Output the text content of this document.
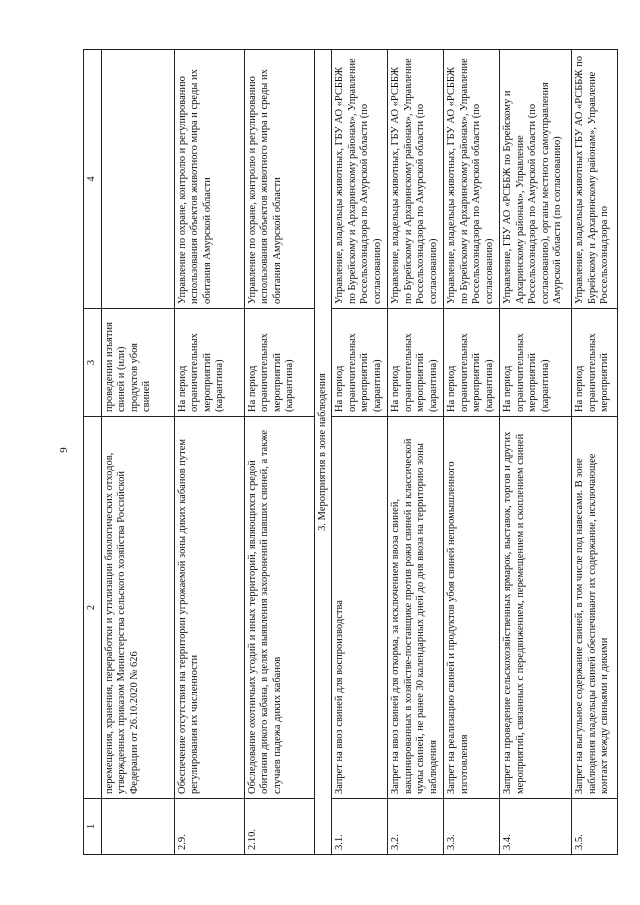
9
1	2	3	4
	перемещения, хранения, переработки и утилизации биологических отходов, утвержденных приказом Министерства сельского хозяйства Российской Федерации от 26.10.2020 № 626	проведении изъятия свиней и (или) продуктов убоя свиней	
2.9.	Обеспечение отсутствия на территории угрожаемой зоны диких кабанов путем регулирования их численности	На период ограничительных мероприятий (карантина)	Управление по охране, контролю и регулированию использования объектов животного мира и среды их обитания Амурской области
2.10.	Обследование охотничьих угодий и иных территорий, являющихся средой обитания дикого кабана, в целях выявления захоронений павших свиней, а также случаев падежа диких кабанов	На период ограничительных мероприятий (карантина)	Управление по охране, контролю и регулированию использования объектов животного мира и среды их обитания Амурской области
3. Мероприятия в зоне наблюдения			
3.1.	Запрет на ввоз свиней для воспроизводства	На период ограничительных мероприятий (карантина)	Управление, владельцы животных, ГБУ АО «РСББЖ по Бурейскому и Архаринскому районам», Управление Россельхознадзора по Амурской области (по согласованию)
3.2.	Запрет на ввоз свиней для откорма, за исключением ввоза свиней, вакцинированных в хозяйстве-поставщике против рожи свиней и классической чумы свиней, не ранее 30 календарных дней до дня ввоза на территорию зоны наблюдения	На период ограничительных мероприятий (карантина)	Управление, владельцы животных, ГБУ АО «РСББЖ по Бурейскому и Архаринскому районам», Управление Россельхознадзора по Амурской области (по согласованию)
3.3.	Запрет на реализацию свиней и продуктов убоя свиней непромышленного изготовления	На период ограничительных мероприятий (карантина)	Управление, владельцы животных, ГБУ АО «РСББЖ по Бурейскому и Архаринскому районам», Управление Россельхознадзора по Амурской области (по согласованию)
3.4.	Запрет на проведение сельскохозяйственных ярмарок, выставок, торгов и других мероприятий, связанных с передвижением, перемещением и скоплением свиней	На период ограничительных мероприятий (карантина)	Управление, ГБУ АО «РСББЖ по Бурейскому и Архаринскому районам», Управление Россельхознадзора по Амурской области (по согласованию), органы местного самоуправления Амурской области (по согласованию)
3.5.	Запрет на выгульное содержание свиней, в том числе под навесами. В зоне наблюдения владельцы свиней обеспечивают их содержание, исключающее контакт между свиньями и дикими	На период ограничительных мероприятий	Управление, владельцы животных ГБУ АО «РСББЖ по Бурейскому и Архаринскому районам», Управление Россельхознадзора по
